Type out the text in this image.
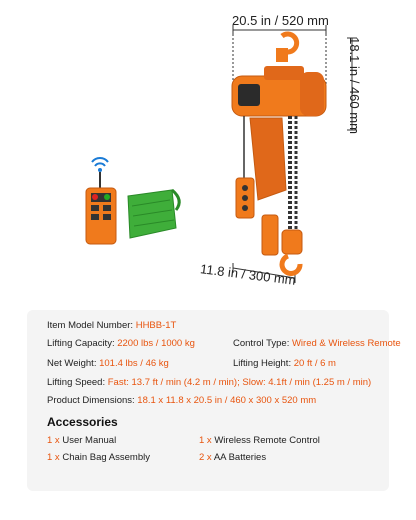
20.5 in / 520 mm
18.1 in / 460 mm
11.8 in / 300 mm
Item Model Number: HHBB-1T
Lifting Capacity: 2200 lbs / 1000 kg	Control Type: Wired & Wireless Remote
Net Weight: 101.4 lbs / 46 kg	Lifting Height: 20 ft / 6 m
Lifting Speed: Fast: 13.7 ft / min (4.2 m / min); Slow: 4.1ft / min (1.25 m / min)
Product Dimensions: 18.1 x 11.8 x 20.5 in / 460 x 300 x 520 mm
Accessories
1 x User Manual	1 x Wireless Remote Control
1 x Chain Bag Assembly	2 x AA Batteries
